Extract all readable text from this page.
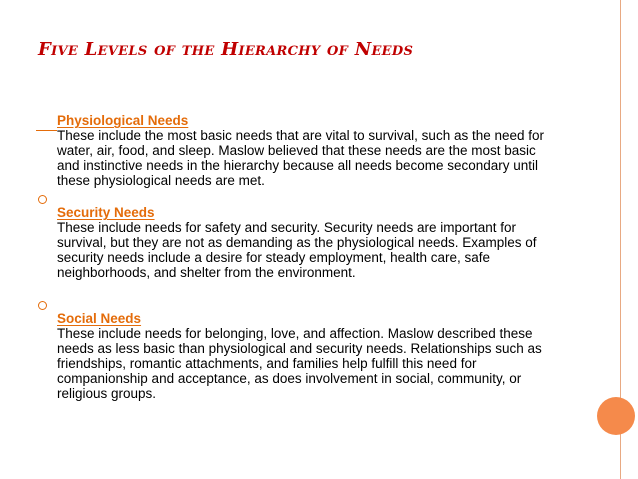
Five Levels of the Hierarchy of Needs
Physiological Needs

These include the most basic needs that are vital to survival, such as the need for water, air, food, and sleep. Maslow believed that these needs are the most basic and instinctive needs in the hierarchy because all needs become secondary until these physiological needs are met.

Security Needs

These include needs for safety and security. Security needs are important for survival, but they are not as demanding as the physiological needs. Examples of security needs include a desire for steady employment, health care, safe neighborhoods, and shelter from the environment.

Social Needs

These include needs for belonging, love, and affection. Maslow described these needs as less basic than physiological and security needs. Relationships such as friendships, romantic attachments, and families help fulfill this need for companionship and acceptance, as does involvement in social, community, or religious groups.
